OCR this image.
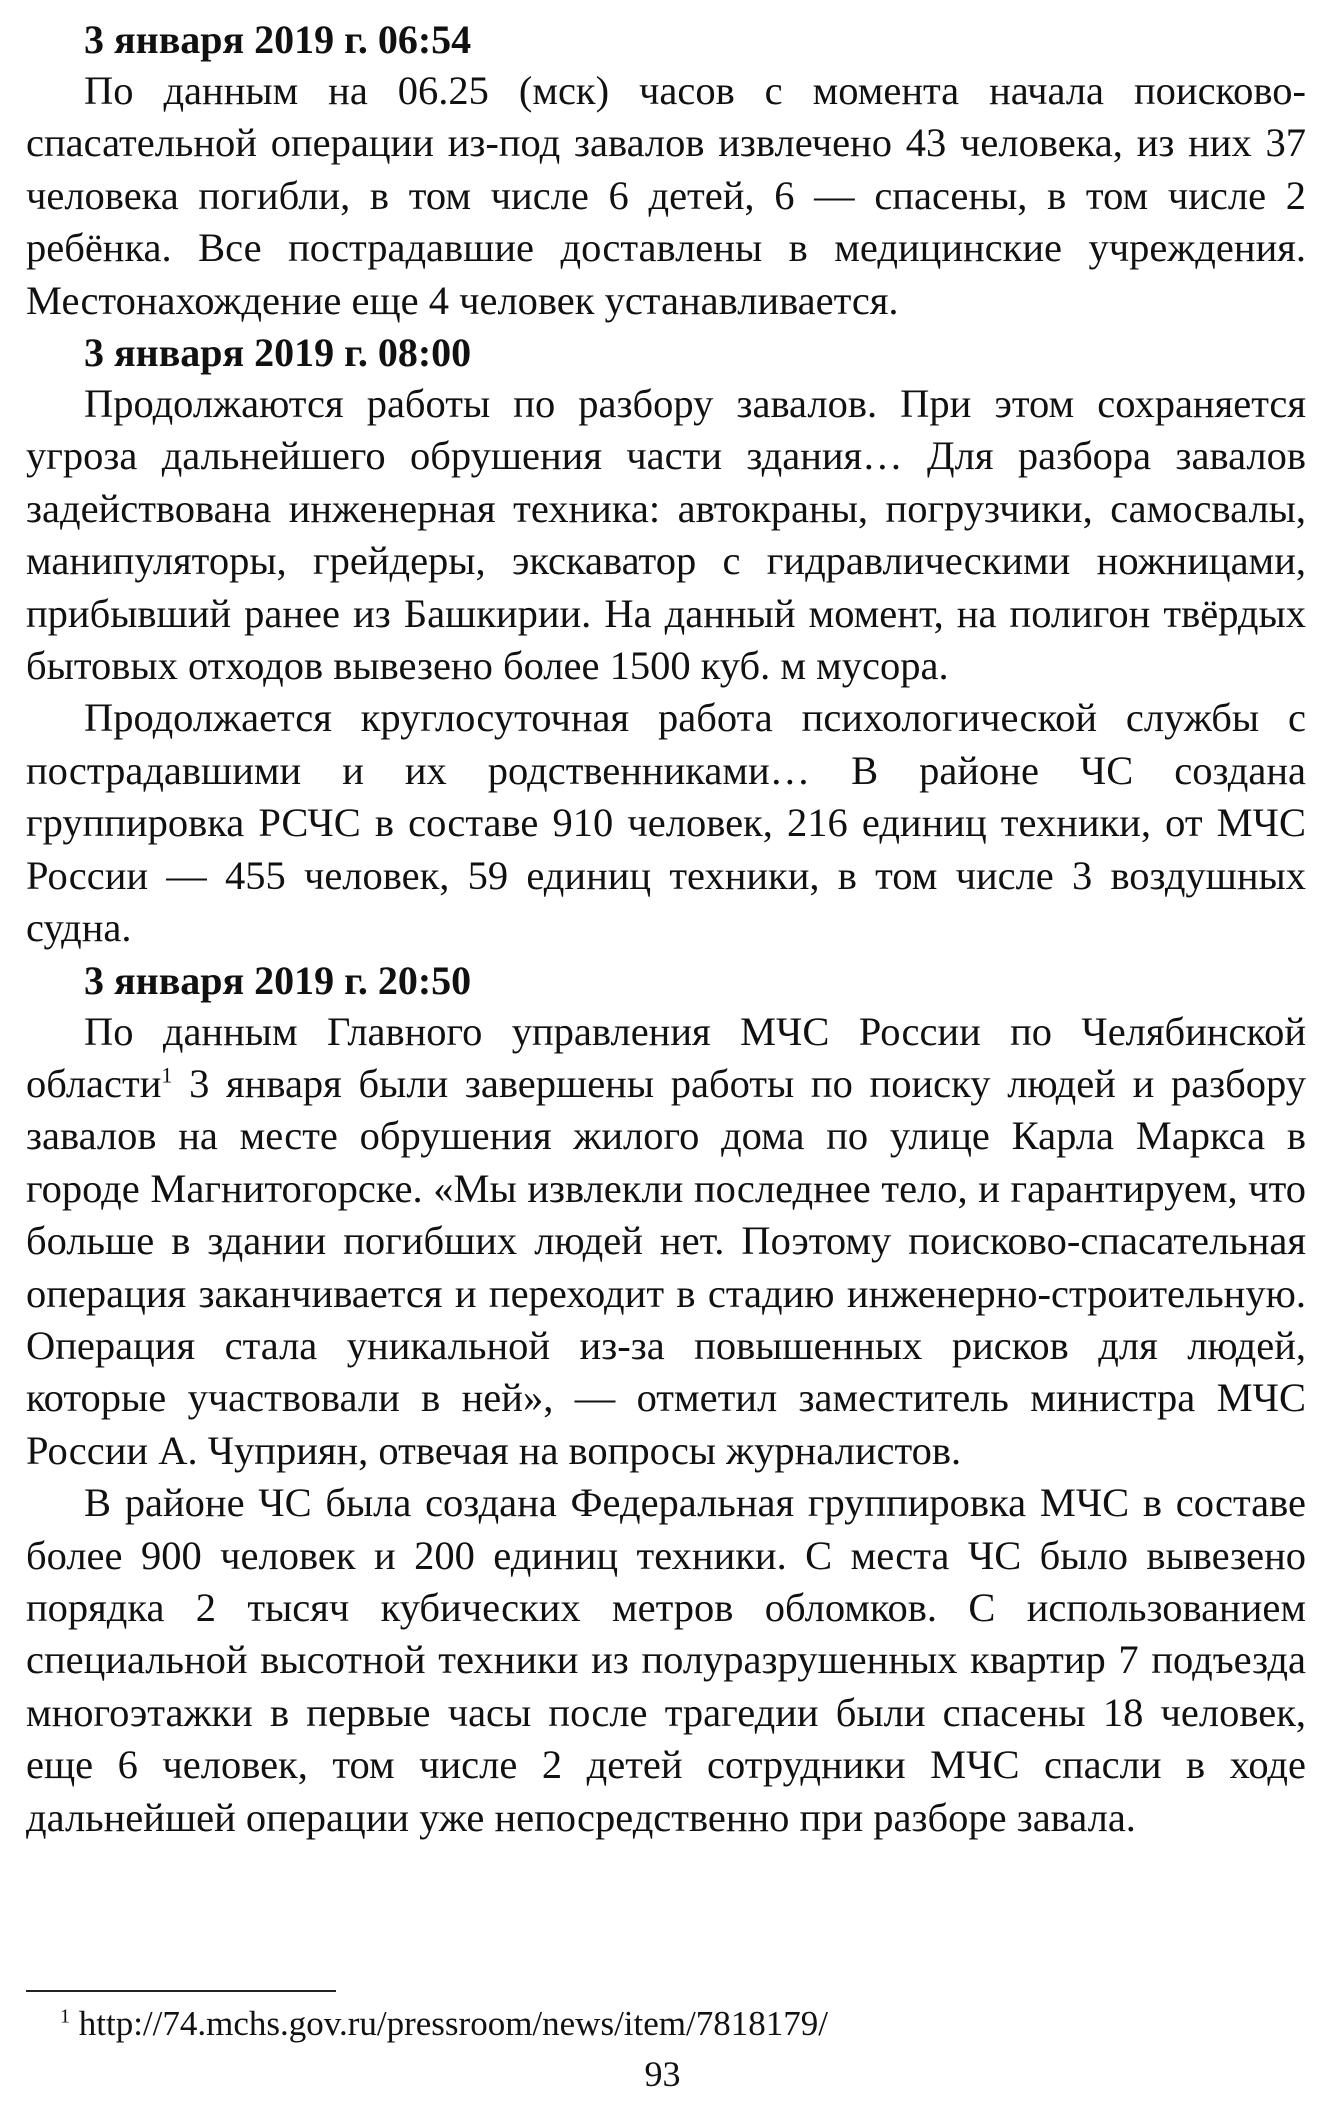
3 января 2019 г. 06:54

По данным на 06.25 (мск) часов с момента начала поисково-спасательной операции из-под завалов извлечено 43 человека, из них 37 человека погибли, в том числе 6 детей, 6 — спасены, в том числе 2 ребёнка. Все пострадавшие доставлены в медицинские учреждения. Местонахождение еще 4 человек устанавливается.

3 января 2019 г. 08:00

Продолжаются работы по разбору завалов. При этом сохраняется угроза дальнейшего обрушения части здания… Для разбора завалов задействована инженерная техника: автокраны, погрузчики, самосвалы, манипуляторы, грейдеры, экскаватор с гидравлическими ножницами, прибывший ранее из Башкирии. На данный момент, на полигон твёрдых бытовых отходов вывезено более 1500 куб. м мусора.

Продолжается круглосуточная работа психологической службы с пострадавшими и их родственниками… В районе ЧС создана группировка РСЧС в составе 910 человек, 216 единиц техники, от МЧС России — 455 человек, 59 единиц техники, в том числе 3 воздушных судна.

3 января 2019 г. 20:50

По данным Главного управления МЧС России по Челябинской области$^1$ 3 января были завершены работы по поиску людей и разбору завалов на месте обрушения жилого дома по улице Карла Маркса в городе Магнитогорске. «Мы извлекли последнее тело, и гарантируем, что больше в здании погибших людей нет. Поэтому поисково-спасательная операция заканчивается и переходит в стадию инженерно-строительную. Операция стала уникальной из-за повышенных рисков для людей, которые участвовали в ней», — отметил заместитель министра МЧС России А. Чуприян, отвечая на вопросы журналистов.

В районе ЧС была создана Федеральная группировка МЧС в составе более 900 человек и 200 единиц техники. С места ЧС было вывезено порядка 2 тысяч кубических метров обломков. С использованием специальной высотной техники из полуразрушенных квартир 7 подъезда многоэтажки в первые часы после трагедии были спасены 18 человек, еще 6 человек, том числе 2 детей сотрудники МЧС спасли в ходе дальнейшей операции уже непосредственно при разборе завала.

$^1$ http://74.mchs.gov.ru/pressroom/news/item/7818179/
93
